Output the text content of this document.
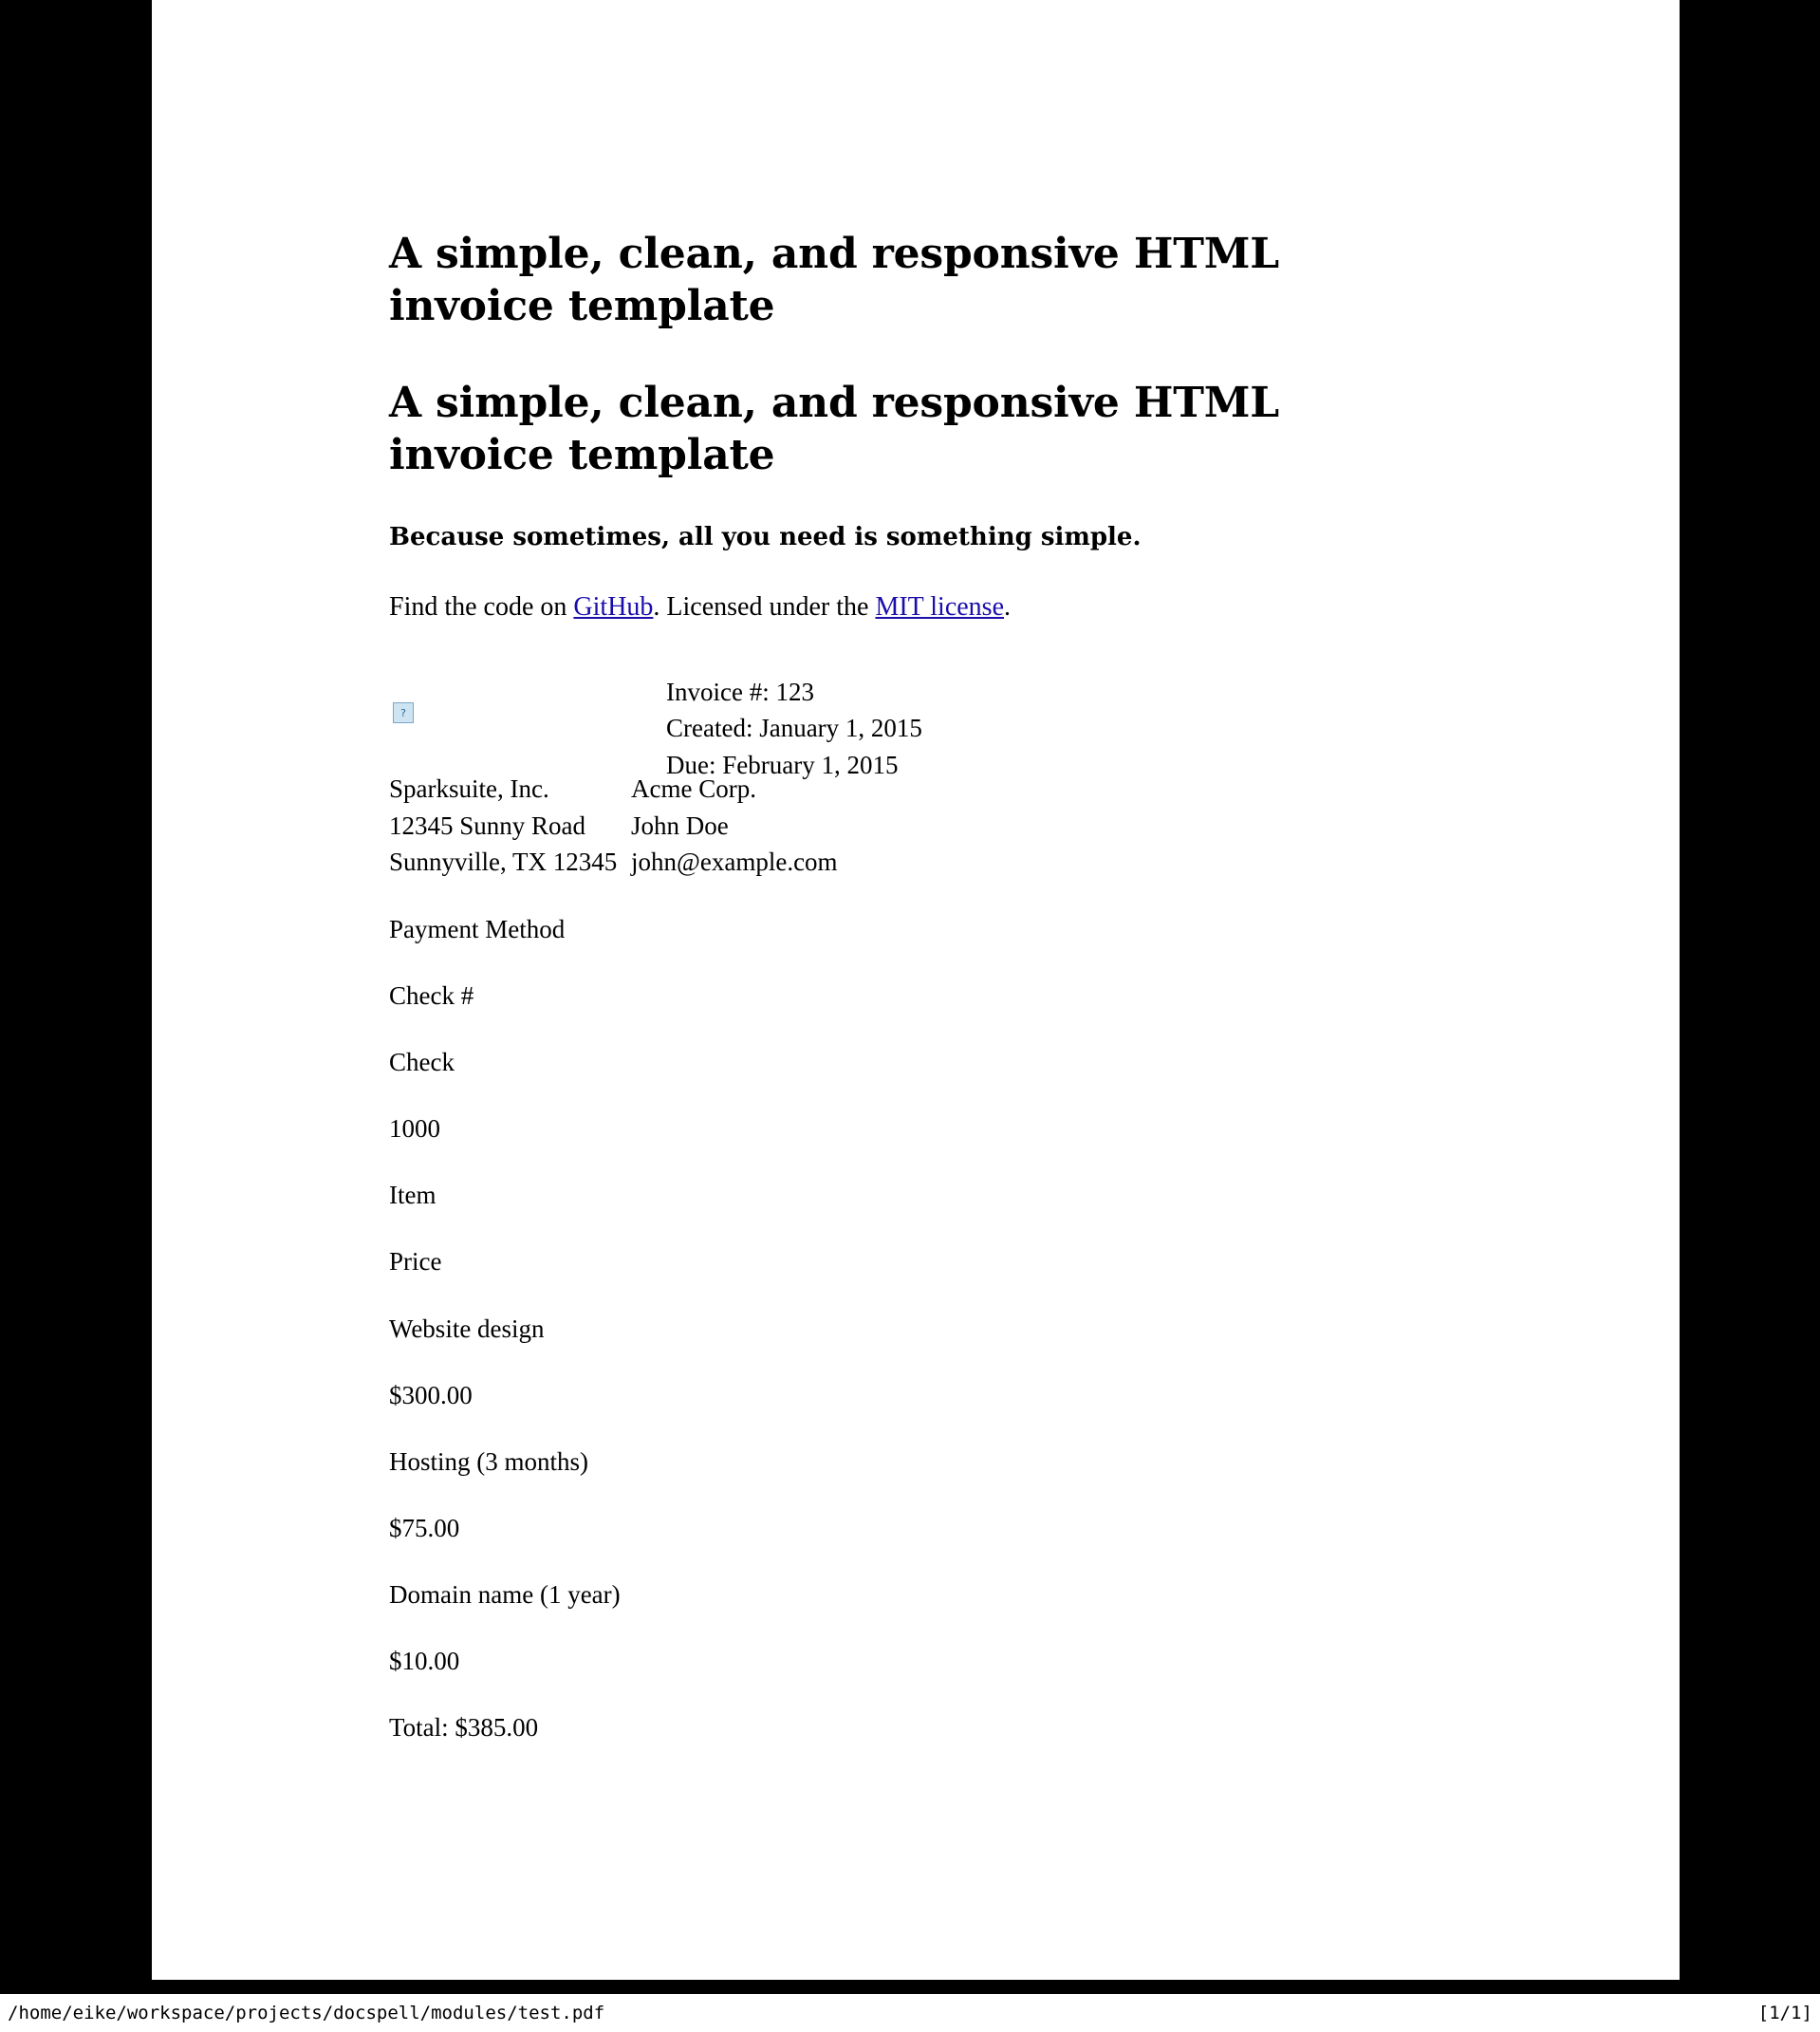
A simple, clean, and responsive HTML invoice template
A simple, clean, and responsive HTML invoice template
Because sometimes, all you need is something simple.

Find the code on GitHub. Licensed under the MIT license.

?
Invoice #: 123
Created: January 1, 2015
Due: February 1, 2015
Sparksuite, Inc.
12345 Sunny Road
Sunnyville, TX 12345
Acme Corp.
John Doe
john@example.com

Payment Method

Check #

Check

1000

Item

Price

Website design

$300.00

Hosting (3 months)

$75.00

Domain name (1 year)

$10.00

Total: $385.00

/home/eike/workspace/projects/docspell/modules/test.pdf	[1/1]
